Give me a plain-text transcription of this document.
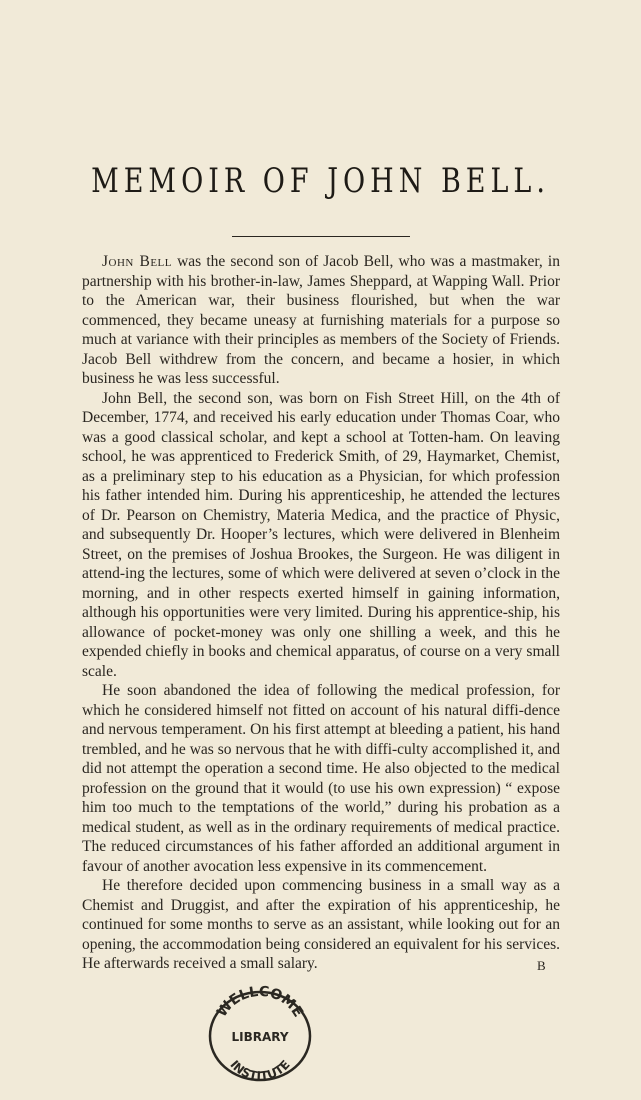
MEMOIR OF JOHN BELL.

John Bell was the second son of Jacob Bell, who was a mastmaker, in partnership with his brother-in-law, James Sheppard, at Wapping Wall. Prior to the American war, their business flourished, but when the war commenced, they became uneasy at furnishing materials for a purpose so much at variance with their principles as members of the Society of Friends. Jacob Bell withdrew from the concern, and became a hosier, in which business he was less successful.

John Bell, the second son, was born on Fish Street Hill, on the 4th of December, 1774, and received his early education under Thomas Coar, who was a good classical scholar, and kept a school at Totten-ham. On leaving school, he was apprenticed to Frederick Smith, of 29, Haymarket, Chemist, as a preliminary step to his education as a Physician, for which profession his father intended him. During his apprenticeship, he attended the lectures of Dr. Pearson on Chemistry, Materia Medica, and the practice of Physic, and subsequently Dr. Hooper’s lectures, which were delivered in Blenheim Street, on the premises of Joshua Brookes, the Surgeon. He was diligent in attend-ing the lectures, some of which were delivered at seven o’clock in the morning, and in other respects exerted himself in gaining information, although his opportunities were very limited. During his apprentice-ship, his allowance of pocket-money was only one shilling a week, and this he expended chiefly in books and chemical apparatus, of course on a very small scale.

He soon abandoned the idea of following the medical profession, for which he considered himself not fitted on account of his natural diffi-dence and nervous temperament. On his first attempt at bleeding a patient, his hand trembled, and he was so nervous that he with diffi-culty accomplished it, and did not attempt the operation a second time. He also objected to the medical profession on the ground that it would (to use his own expression) “ expose him too much to the temptations of the world,” during his probation as a medical student, as well as in the ordinary requirements of medical practice. The reduced circumstances of his father afforded an additional argument in favour of another avocation less expensive in its commencement.

He therefore decided upon commencing business in a small way as a Chemist and Druggist, and after the expiration of his apprenticeship, he continued for some months to serve as an assistant, while looking out for an opening, the accommodation being considered an equivalent for his services. He afterwards received a small salary.	B
WELLCOME
LIBRARY
INSTITUTE
